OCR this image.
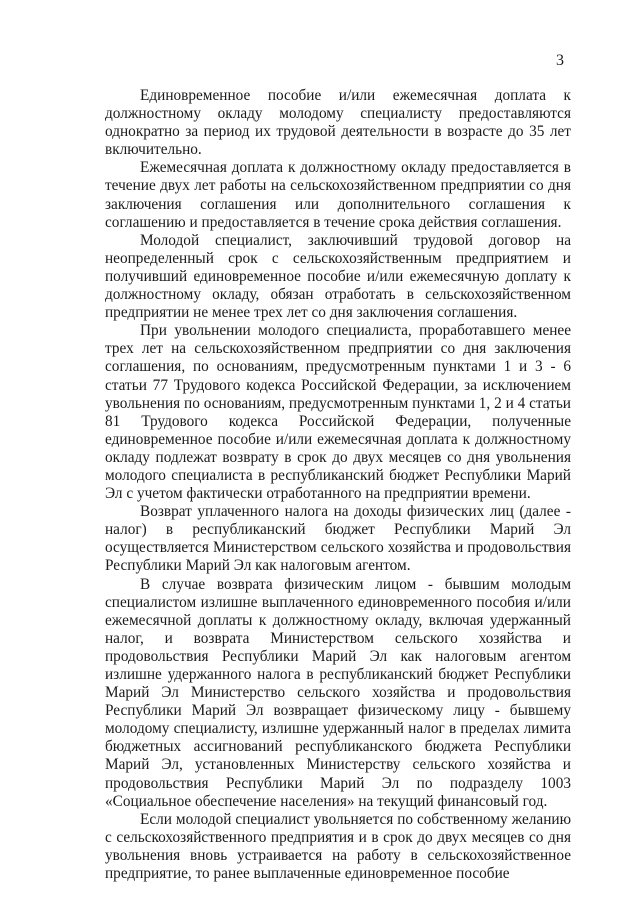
3

Единовременное пособие и/или ежемесячная доплата к должностному окладу молодому специалисту предоставляются однократно за период их трудовой деятельности в возрасте до 35 лет включительно.

Ежемесячная доплата к должностному окладу предоставляется в течение двух лет работы на сельскохозяйственном предприятии со дня заключения соглашения или дополнительного соглашения к соглашению и предоставляется в течение срока действия соглашения.

Молодой специалист, заключивший трудовой договор на неопределенный срок с сельскохозяйственным предприятием и получивший единовременное пособие и/или ежемесячную доплату к должностному окладу, обязан отработать в сельскохозяйственном предприятии не менее трех лет со дня заключения соглашения.

При увольнении молодого специалиста, проработавшего менее трех лет на сельскохозяйственном предприятии со дня заключения соглашения, по основаниям, предусмотренным пунктами 1 и 3 - 6 статьи 77 Трудового кодекса Российской Федерации, за исключением увольнения по основаниям, предусмотренным пунктами 1, 2 и 4 статьи 81 Трудового кодекса Российской Федерации, полученные единовременное пособие и/или ежемесячная доплата к должностному окладу подлежат возврату в срок до двух месяцев со дня увольнения молодого специалиста в республиканский бюджет Республики Марий Эл с учетом фактически отработанного на предприятии времени.

Возврат уплаченного налога на доходы физических лиц (далее - налог) в республиканский бюджет Республики Марий Эл осуществляется Министерством сельского хозяйства и продовольствия Республики Марий Эл как налоговым агентом.

В случае возврата физическим лицом - бывшим молодым специалистом излишне выплаченного единовременного пособия и/или ежемесячной доплаты к должностному окладу, включая удержанный налог, и возврата Министерством сельского хозяйства и продовольствия Республики Марий Эл как налоговым агентом излишне удержанного налога в республиканский бюджет Республики Марий Эл Министерство сельского хозяйства и продовольствия Республики Марий Эл возвращает физическому лицу - бывшему молодому специалисту, излишне удержанный налог в пределах лимита бюджетных ассигнований республиканского бюджета Республики Марий Эл, установленных Министерству сельского хозяйства и продовольствия Республики Марий Эл по подразделу 1003 «Социальное обеспечение населения» на текущий финансовый год.

Если молодой специалист увольняется по собственному желанию с сельскохозяйственного предприятия и в срок до двух месяцев со дня увольнения вновь устраивается на работу в сельскохозяйственное предприятие, то ранее выплаченные единовременное пособие
